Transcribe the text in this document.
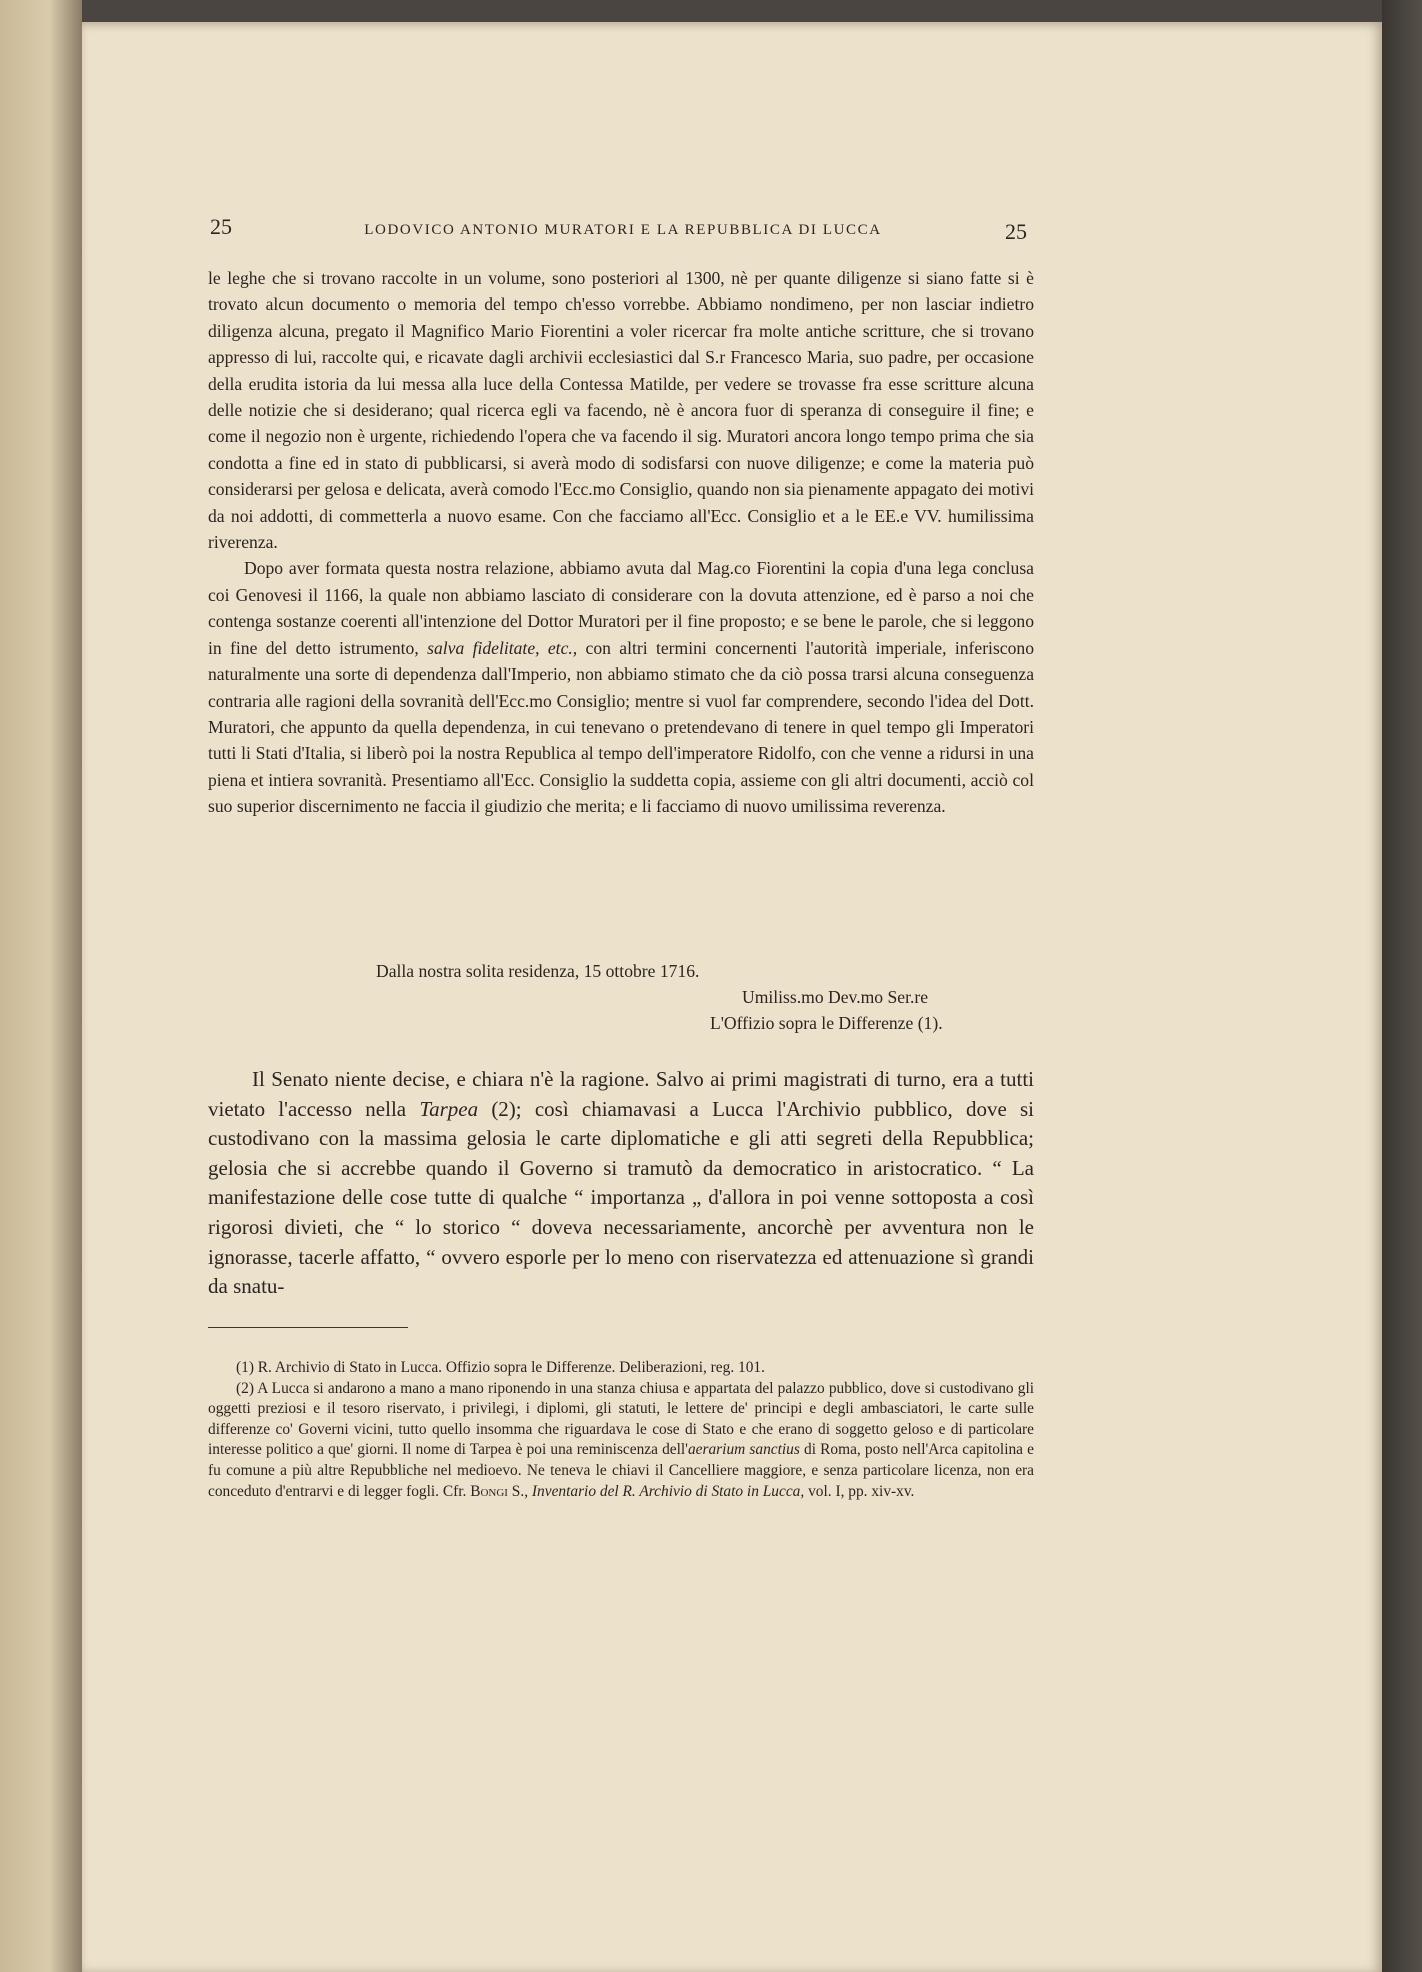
25	LODOVICO ANTONIO MURATORI E LA REPUBBLICA DI LUCCA	25

le leghe che si trovano raccolte in un volume, sono posteriori al 1300, nè per quante diligenze si siano fatte si è trovato alcun documento o memoria del tempo ch'esso vorrebbe. Abbiamo nondimeno, per non lasciar indietro diligenza alcuna, pregato il Magnifico Mario Fiorentini a voler ricercar fra molte antiche scritture, che si trovano appresso di lui, raccolte qui, e ricavate dagli archivii ecclesiastici dal S.r Francesco Maria, suo padre, per occasione della erudita istoria da lui messa alla luce della Contessa Matilde, per vedere se trovasse fra esse scritture alcuna delle notizie che si desiderano; qual ricerca egli va facendo, nè è ancora fuor di speranza di conseguire il fine; e come il negozio non è urgente, richiedendo l'opera che va facendo il sig. Muratori ancora longo tempo prima che sia condotta a fine ed in stato di pubblicarsi, si averà modo di sodisfarsi con nuove diligenze; e come la materia può considerarsi per gelosa e delicata, averà comodo l'Ecc.mo Consiglio, quando non sia pienamente appagato dei motivi da noi addotti, di commetterla a nuovo esame. Con che facciamo all'Ecc. Consiglio et a le EE.e VV. humilissima riverenza.

Dopo aver formata questa nostra relazione, abbiamo avuta dal Mag.co Fiorentini la copia d'una lega conclusa coi Genovesi il 1166, la quale non abbiamo lasciato di considerare con la dovuta attenzione, ed è parso a noi che contenga sostanze coerenti all'intenzione del Dottor Muratori per il fine proposto; e se bene le parole, che si leggono in fine del detto istrumento, salva fidelitate, etc., con altri termini concernenti l'autorità imperiale, inferiscono naturalmente una sorte di dependenza dall'Imperio, non abbiamo stimato che da ciò possa trarsi alcuna conseguenza contraria alle ragioni della sovranità dell'Ecc.mo Consiglio; mentre si vuol far comprendere, secondo l'idea del Dott. Muratori, che appunto da quella dependenza, in cui tenevano o pretendevano di tenere in quel tempo gli Imperatori tutti li Stati d'Italia, si liberò poi la nostra Republica al tempo dell'imperatore Ridolfo, con che venne a ridursi in una piena et intiera sovranità. Presentiamo all'Ecc. Consiglio la suddetta copia, assieme con gli altri documenti, acciò col suo superior discernimento ne faccia il giudizio che merita; e li facciamo di nuovo umilissima reverenza.

Dalla nostra solita residenza, 15 ottobre 1716.
Umiliss.mo Dev.mo Ser.re
L'Offizio sopra le Differenze (1).

Il Senato niente decise, e chiara n'è la ragione. Salvo ai primi magistrati di turno, era a tutti vietato l'accesso nella Tarpea (2); così chiamavasi a Lucca l'Archivio pubblico, dove si custodivano con la massima gelosia le carte diplomatiche e gli atti segreti della Repubblica; gelosia che si accrebbe quando il Governo si tramutò da democratico in aristocratico. “ La manifestazione delle cose tutte di qualche “ importanza „ d'allora in poi venne sottoposta a così rigorosi divieti, che “ lo storico “ doveva necessariamente, ancorchè per avventura non le ignorasse, tacerle affatto, “ ovvero esporle per lo meno con riservatezza ed attenuazione sì grandi da snatu-

(1) R. Archivio di Stato in Lucca. Offizio sopra le Differenze. Deliberazioni, reg. 101.

(2) A Lucca si andarono a mano a mano riponendo in una stanza chiusa e appartata del palazzo pubblico, dove si custodivano gli oggetti preziosi e il tesoro riservato, i privilegi, i diplomi, gli statuti, le lettere de' principi e degli ambasciatori, le carte sulle differenze co' Governi vicini, tutto quello insomma che riguardava le cose di Stato e che erano di soggetto geloso e di particolare interesse politico a que' giorni. Il nome di Tarpea è poi una reminiscenza dell'aerarium sanctius di Roma, posto nell'Arca capitolina e fu comune a più altre Repubbliche nel medioevo. Ne teneva le chiavi il Cancelliere maggiore, e senza particolare licenza, non era conceduto d'entrarvi e di legger fogli. Cfr. Bongi S., Inventario del R. Archivio di Stato in Lucca, vol. I, pp. xiv-xv.
